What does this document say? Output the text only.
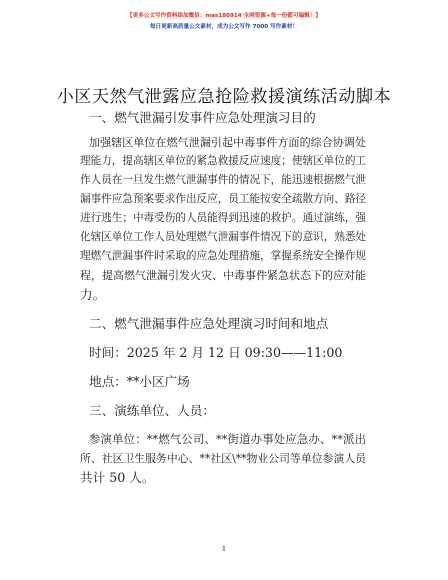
【更多公文写作资料添加微信：mas180914 全网资源+每一份都可编辑！】
每日更新高质量公文素材，成为公文写作 7000 写作素材！
小区天然气泄露应急抢险救援演练活动脚本
一、燃气泄漏引发事件应急处理演习目的
加强辖区单位在燃气泄漏引起中毒事件方面的综合协调处
理能力，提高辖区单位的紧急救援反应速度；使辖区单位的工
作人员在一旦发生燃气泄漏事件的情况下，能迅速根据燃气泄
漏事件应急预案要求作出反应，员工能按安全疏散方向、路径
进行逃生；中毒受伤的人员能得到迅速的救护。通过演练，强
化辖区单位工作人员处理燃气泄漏事件情况下的意识，熟悉处
理燃气泄漏事件时采取的应急处理措施，掌握系统安全操作规
程，提高燃气泄漏引发火灾、中毒事件紧急状态下的应对能
力。
二、燃气泄漏事件应急处理演习时间和地点
时间：2025 年 2 月 12 日 09:30——11:00
地点：**小区广场
三、演练单位、人员：
参演单位：**燃气公司、**街道办事处应急办、**派出
所、社区卫生服务中心、**社区\**物业公司等单位参演人员
共计 50 人。
1
